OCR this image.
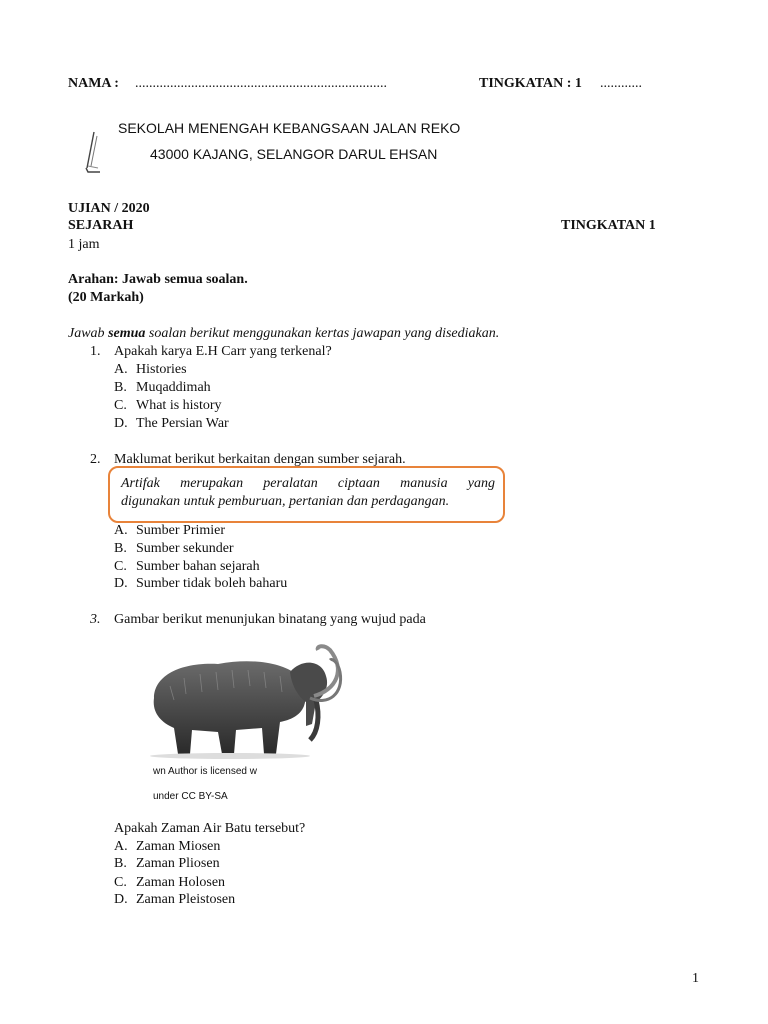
NAMA : ........................................................................	TINGKATAN : 1 ............
SEKOLAH MENENGAH KEBANGSAAN JALAN REKO
43000 KAJANG, SELANGOR DARUL EHSAN
UJIAN / 2020
SEJARAH	TINGKATAN 1
1 jam
Arahan: Jawab semua soalan.
(20 Markah)
Jawab semua soalan berikut menggunakan kertas jawapan yang disediakan.
1. Apakah karya E.H Carr yang terkenal?
A. Histories
B. Muqaddimah
C. What is history
D. The Persian War
2. Maklumat berikut berkaitan dengan sumber sejarah.
Artifak merupakan peralatan ciptaan manusia yang
digunakan untuk pemburuan, pertanian dan perdagangan.
A. Sumber Primier
B. Sumber sekunder
C. Sumber bahan sejarah
D. Sumber tidak boleh baharu
3. Gambar berikut menunjukan binatang yang wujud pada
wn Author is licensed w
under CC BY-SA
Apakah Zaman Air Batu tersebut?
A. Zaman Miosen
B. Zaman Pliosen
C. Zaman Holosen
D. Zaman Pleistosen
1
